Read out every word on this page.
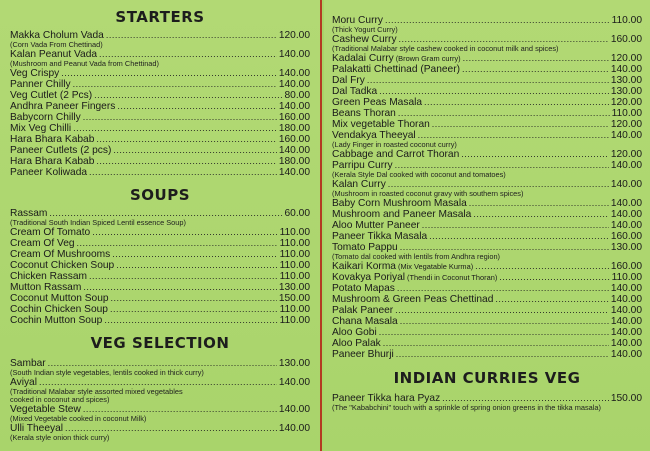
STARTERS
Makka Cholum Vada .....	120.00
(Corn Vada From Chettinad)
Kalan Peanut Vada .....	140.00
(Mushroom and Peanut Vada from Chettinad)
Veg Crispy .....	140.00
Panner Chilly .....	140.00
Veg Cutlet (2 Pcs) .....	80.00
Andhra Paneer Fingers .....	140.00
Babycorn Chilly .....	160.00
Mix Veg Chilli .....	180.00
Hara Bhara Kabab .....	160.00
Paneer Cutlets (2 pcs) .....	140.00
Hara Bhara Kabab .....	180.00
Paneer Koliwada .....	140.00
SOUPS
Rassam .....	60.00
(Traditional South Indian Spiced Lentil essence Soup)
Cream Of Tomato .....	110.00
Cream Of Veg .....	110.00
Cream Of Mushrooms .....	110.00
Coconut Chicken Soup .....	110.00
Chicken Rassam .....	110.00
Mutton Rassam .....	130.00
Coconut Mutton Soup .....	150.00
Cochin Chicken Soup .....	110.00
Cochin Mutton Soup .....	110.00
VEG SELECTION
Sambar .....	130.00
(South Indian style vegetables, lentils cooked in thick curry)
Aviyal .....	140.00
(Traditional Malabar style assorted mixed vegetables
cooked in coconut and spices)
Vegetable Stew .....	140.00
(Mixed Vegetable cooked in coconut Milk)
Ulli Theeyal .....	140.00
(Kerala style onion thick curry)
Moru Curry .....	110.00
(Thick Yogurt Curry)
Cashew Curry .....	160.00
(Traditional Malabar style cashew cooked in coconut milk and spices)
Kadalai Curry (Brown Gram curry) .....	120.00
Palakatti Chettinad (Paneer) .....	140.00
Dal Fry .....	130.00
Dal Tadka .....	130.00
Green Peas Masala .....	120.00
Beans Thoran .....	110.00
Mix vegetable Thoran .....	120.00
Vendakya Theeyal .....	140.00
(Lady Finger in roasted coconut curry)
Cabbage and Carrot Thoran .....	120.00
Parripu Curry .....	140.00
(Kerala Style Dal cooked with coconut and tomatoes)
Kalan Curry .....	140.00
(Mushroom in roasted coconut gravy with southern spices)
Baby Corn Mushroom Masala .....	140.00
Mushroom and Paneer Masala .....	140.00
Aloo Mutter Paneer .....	140.00
Paneer Tikka Masala .....	160.00
Tomato Pappu .....	130.00
(Tomato dal cooked with lentils from Andhra region)
Kaikari Korma (Mix Vegatable Kurma) .....	160.00
Kovakya Poriyal (Thendi in Coconut Thoran) .....	110.00
Potato Mapas .....	140.00
Mushroom & Green Peas Chettinad .....	140.00
Palak Paneer .....	140.00
Chana Masala .....	140.00
Aloo Gobi .....	140.00
Aloo Palak .....	140.00
Paneer Bhurji .....	140.00
INDIAN CURRIES VEG
Paneer Tikka hara Pyaz .....	150.00
(The "Kababchini" touch with a sprinkle of spring onion greens in the tikka masala)
